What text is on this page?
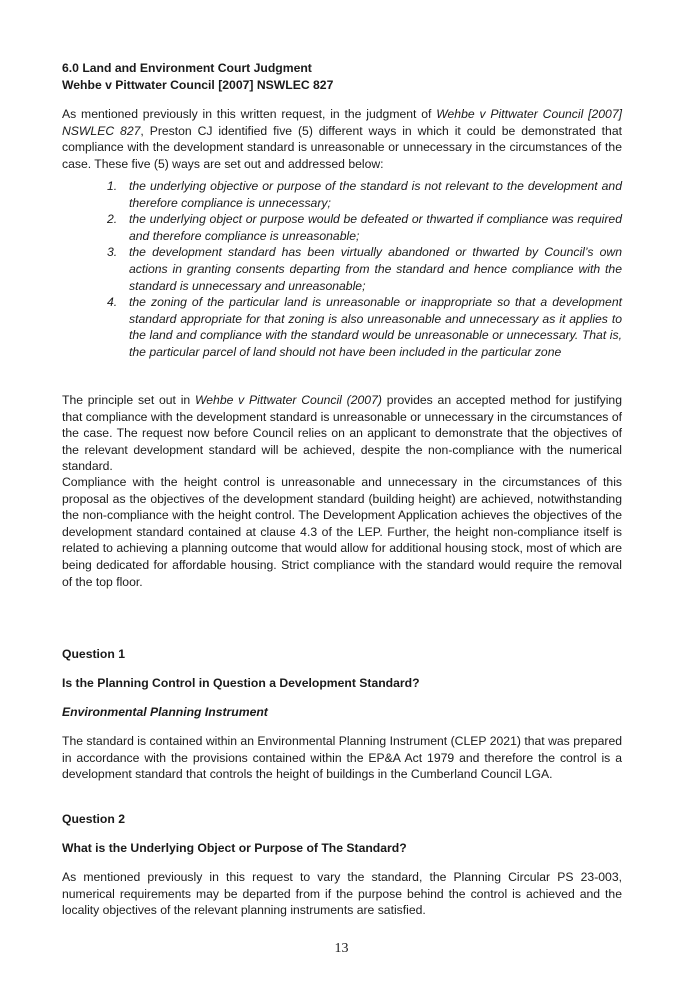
6.0 Land and Environment Court Judgment
Wehbe v Pittwater Council [2007] NSWLEC 827
As mentioned previously in this written request, in the judgment of Wehbe v Pittwater Council [2007] NSWLEC 827, Preston CJ identified five (5) different ways in which it could be demonstrated that compliance with the development standard is unreasonable or unnecessary in the circumstances of the case. These five (5) ways are set out and addressed below:
1. the underlying objective or purpose of the standard is not relevant to the development and therefore compliance is unnecessary;
2. the underlying object or purpose would be defeated or thwarted if compliance was required and therefore compliance is unreasonable;
3. the development standard has been virtually abandoned or thwarted by Council’s own actions in granting consents departing from the standard and hence compliance with the standard is unnecessary and unreasonable;
4. the zoning of the particular land is unreasonable or inappropriate so that a development standard appropriate for that zoning is also unreasonable and unnecessary as it applies to the land and compliance with the standard would be unreasonable or unnecessary. That is, the particular parcel of land should not have been included in the particular zone
The principle set out in Wehbe v Pittwater Council (2007) provides an accepted method for justifying that compliance with the development standard is unreasonable or unnecessary in the circumstances of the case. The request now before Council relies on an applicant to demonstrate that the objectives of the relevant development standard will be achieved, despite the non-compliance with the numerical standard.
Compliance with the height control is unreasonable and unnecessary in the circumstances of this proposal as the objectives of the development standard (building height) are achieved, notwithstanding the non-compliance with the height control. The Development Application achieves the objectives of the development standard contained at clause 4.3 of the LEP. Further, the height non-compliance itself is related to achieving a planning outcome that would allow for additional housing stock, most of which are being dedicated for affordable housing. Strict compliance with the standard would require the removal of the top floor.
Question 1
Is the Planning Control in Question a Development Standard?
Environmental Planning Instrument
The standard is contained within an Environmental Planning Instrument (CLEP 2021) that was prepared in accordance with the provisions contained within the EP&A Act 1979 and therefore the control is a development standard that controls the height of buildings in the Cumberland Council LGA.
Question 2
What is the Underlying Object or Purpose of The Standard?
As mentioned previously in this request to vary the standard, the Planning Circular PS 23-003, numerical requirements may be departed from if the purpose behind the control is achieved and the locality objectives of the relevant planning instruments are satisfied.
13
